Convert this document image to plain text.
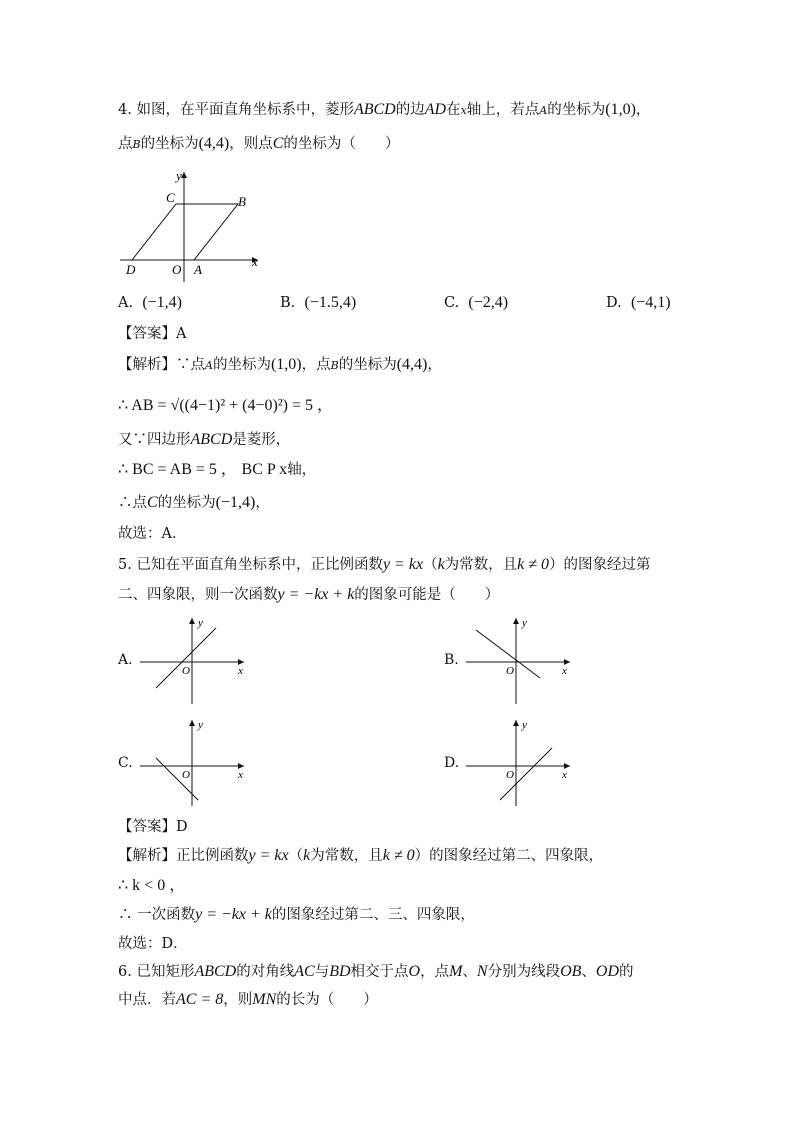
4. 如图，在平面直角坐标系中，菱形ABCD的边AD在x轴上，若点A的坐标为(1,0)，
点B的坐标为(4,4)，则点C的坐标为（　　）
y
x
C	B
D	O A
A. (−1,4)	B. (−1.5,4)	C. (−2,4)	D. (−4,1)
【答案】A
【解析】∵点A的坐标为(1,0)，点B的坐标为(4,4)，
∴ AB = √((4−1)² + (4−0)²) = 5 ，
又∵四边形ABCD是菱形，
∴ BC = AB = 5 ， BC P x轴，
∴点C的坐标为(−1,4)，
故选：A．
5. 已知在平面直角坐标系中，正比例函数y = kx（k为常数，且k ≠ 0）的图象经过第
二、四象限，则一次函数y = −kx + k的图象可能是（　　）
A.
y
x
O
B.
y
x
O
C.
y
x
O
D.
y
x
O
【答案】D
【解析】正比例函数y = kx（k为常数，且k ≠ 0）的图象经过第二、四象限，
∴ k < 0 ，
∴ 一次函数y = −kx + k的图象经过第二、三、四象限，
故选：D．
6. 已知矩形ABCD的对角线AC与BD相交于点O，点M、N分别为线段OB、OD的
中点．若AC = 8，则MN的长为（　　）
